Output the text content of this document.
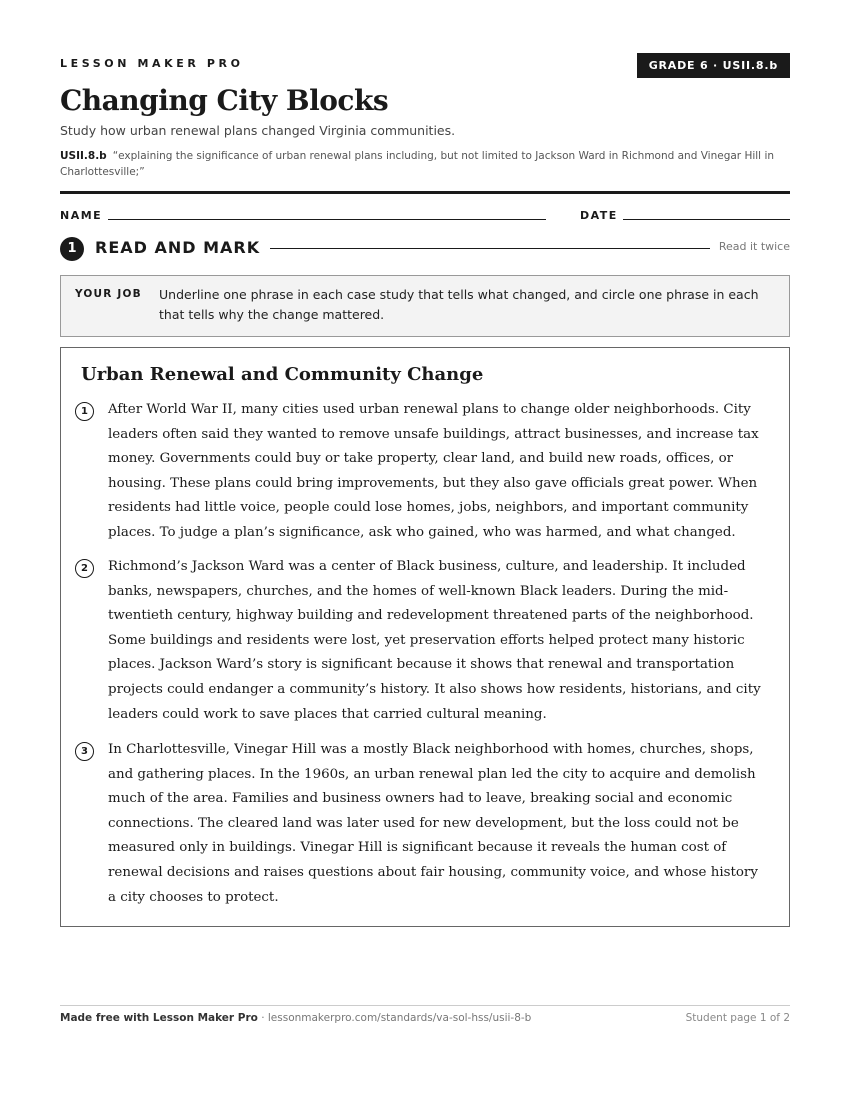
LESSON MAKER PRO	GRADE 6 · USII.8.b
Changing City Blocks
Study how urban renewal plans changed Virginia communities.
USII.8.b “explaining the significance of urban renewal plans including, but not limited to Jackson Ward in Richmond and Vinegar Hill in Charlottesville;”
NAME	DATE
1	READ AND MARK	Read it twice
YOUR JOB Underline one phrase in each case study that tells what changed, and circle one phrase in each that tells why the change mattered.
Urban Renewal and Community Change
1	After World War II, many cities used urban renewal plans to change older neighborhoods. City leaders often said they wanted to remove unsafe buildings, attract businesses, and increase tax money. Governments could buy or take property, clear land, and build new roads, offices, or housing. These plans could bring improvements, but they also gave officials great power. When residents had little voice, people could lose homes, jobs, neighbors, and important community places. To judge a plan’s significance, ask who gained, who was harmed, and what changed.
2	Richmond’s Jackson Ward was a center of Black business, culture, and leadership. It included banks, newspapers, churches, and the homes of well-known Black leaders. During the mid-twentieth century, highway building and redevelopment threatened parts of the neighborhood. Some buildings and residents were lost, yet preservation efforts helped protect many historic places. Jackson Ward’s story is significant because it shows that renewal and transportation projects could endanger a community’s history. It also shows how residents, historians, and city leaders could work to save places that carried cultural meaning.
3	In Charlottesville, Vinegar Hill was a mostly Black neighborhood with homes, churches, shops, and gathering places. In the 1960s, an urban renewal plan led the city to acquire and demolish much of the area. Families and business owners had to leave, breaking social and economic connections. The cleared land was later used for new development, but the loss could not be measured only in buildings. Vinegar Hill is significant because it reveals the human cost of renewal decisions and raises questions about fair housing, community voice, and whose history a city chooses to protect.
Made free with Lesson Maker Pro · lessonmakerpro.com/standards/va-sol-hss/usii-8-b	Student page 1 of 2
